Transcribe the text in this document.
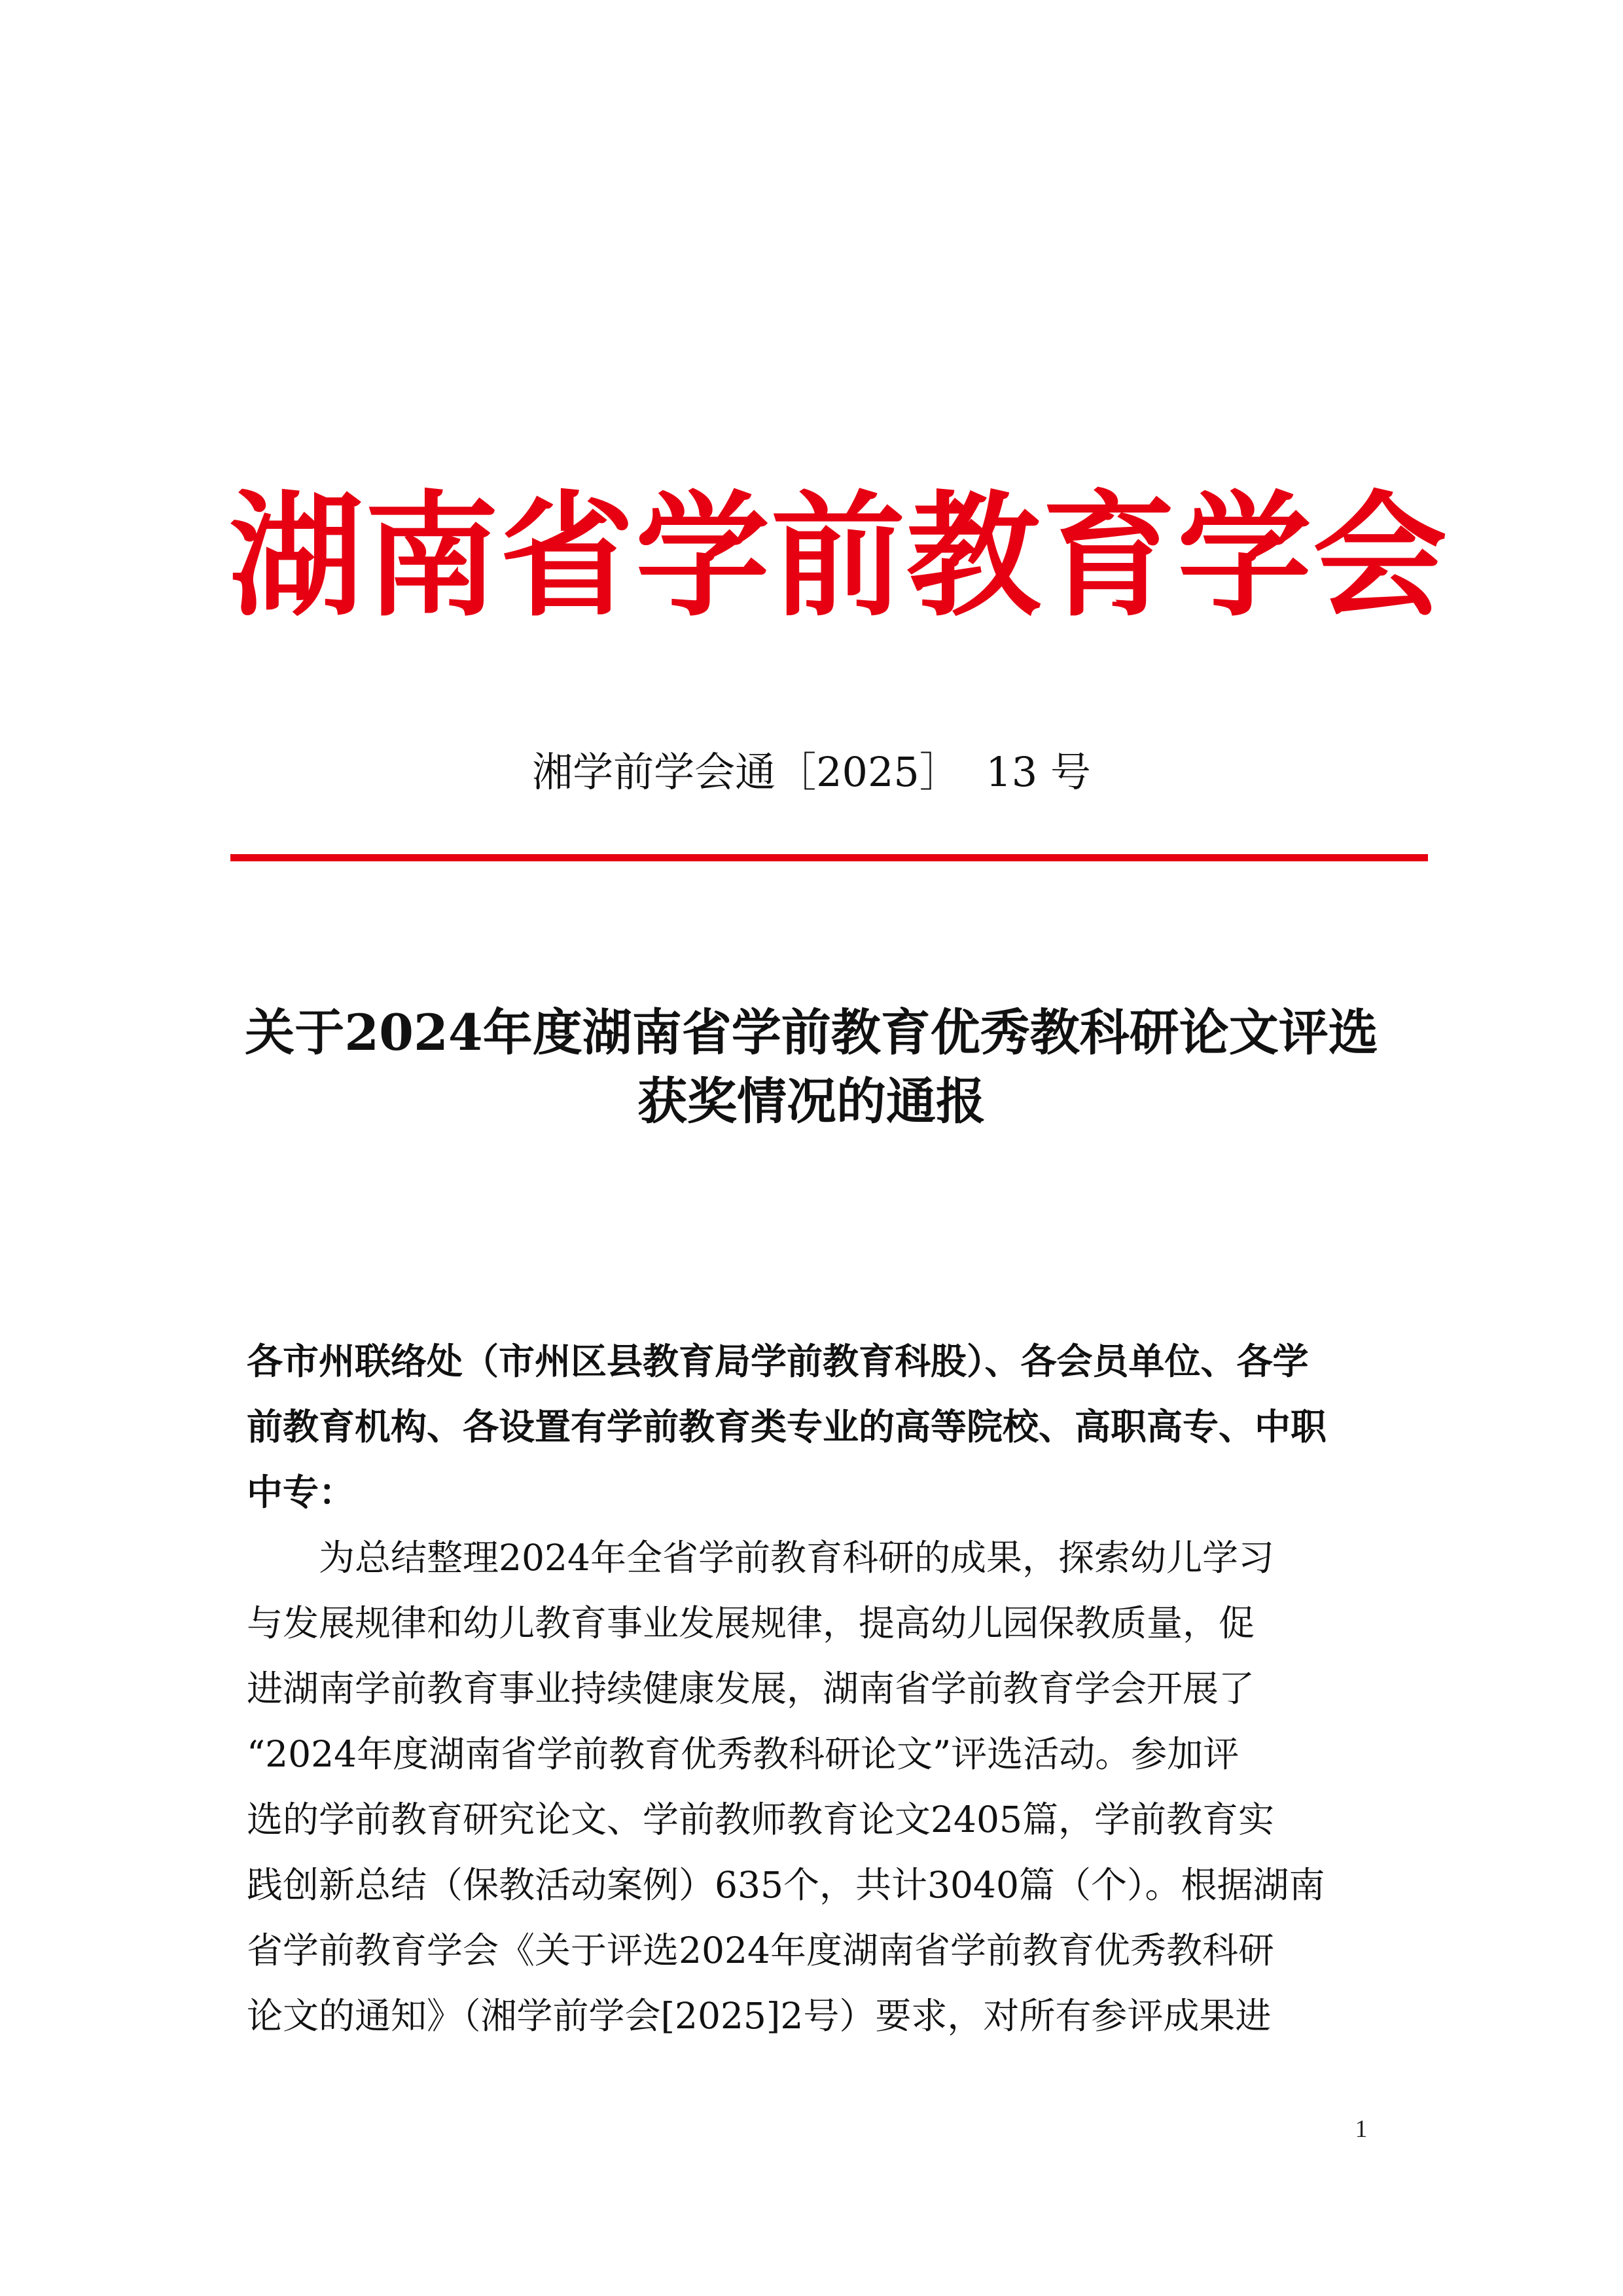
湖南省学前教育学会
湘学前学会通［2025］  13 号
关于2024年度湖南省学前教育优秀教科研论文评选
获奖情况的通报
各市州联络处（市州区县教育局学前教育科股）、各会员单位、各学
前教育机构、各设置有学前教育类专业的高等院校、高职高专、中职
中专：
为总结整理2024年全省学前教育科研的成果，探索幼儿学习
与发展规律和幼儿教育事业发展规律，提高幼儿园保教质量，促
进湖南学前教育事业持续健康发展，湖南省学前教育学会开展了
“2024年度湖南省学前教育优秀教科研论文”评选活动。参加评
选的学前教育研究论文、学前教师教育论文2405篇，学前教育实
践创新总结（保教活动案例）635个，共计3040篇（个）。根据湖南
省学前教育学会《关于评选2024年度湖南省学前教育优秀教科研
论文的通知》（湘学前学会[2025]2号）要求，对所有参评成果进
1
